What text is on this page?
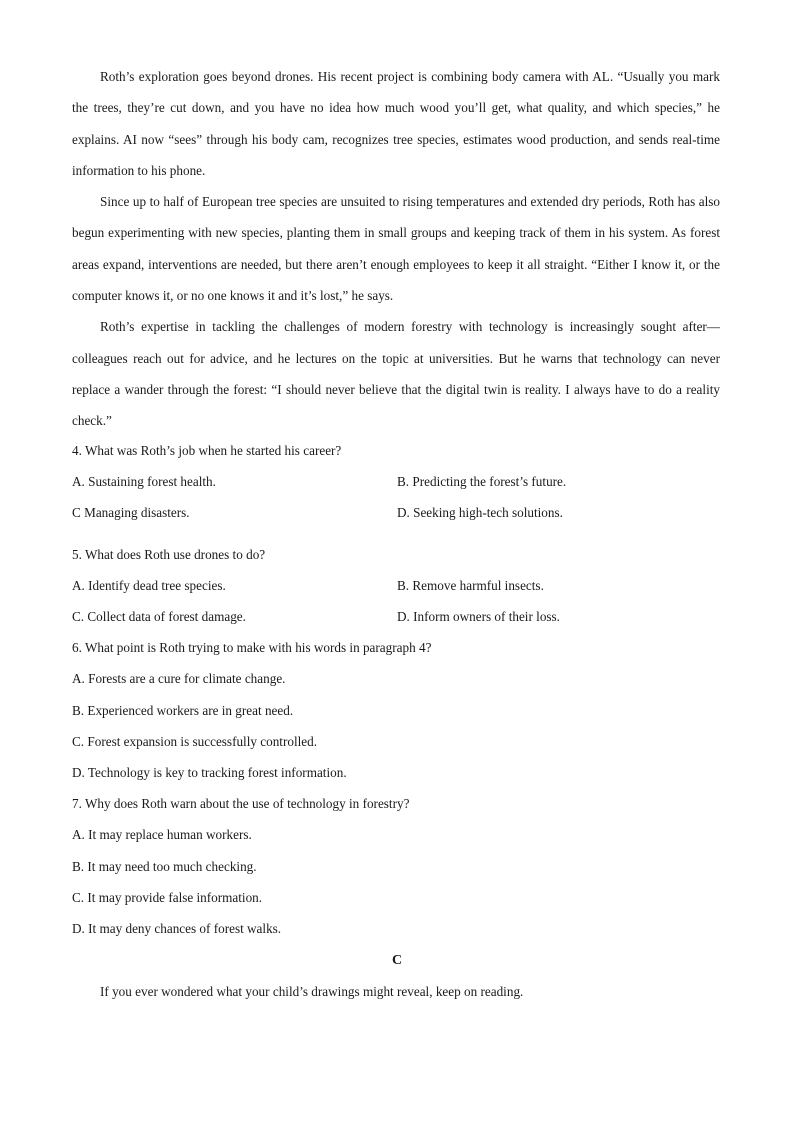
Roth’s exploration goes beyond drones. His recent project is combining body camera with AL. “Usually you mark the trees, they’re cut down, and you have no idea how much wood you’ll get, what quality, and which species,” he explains. AI now “sees” through his body cam, recognizes tree species, estimates wood production, and sends real-time information to his phone.

Since up to half of European tree species are unsuited to rising temperatures and extended dry periods, Roth has also begun experimenting with new species, planting them in small groups and keeping track of them in his system. As forest areas expand, interventions are needed, but there aren’t enough employees to keep it all straight. “Either I know it, or the computer knows it, or no one knows it and it’s lost,” he says.

Roth’s expertise in tackling the challenges of modern forestry with technology is increasingly sought after—colleagues reach out for advice, and he lectures on the topic at universities. But he warns that technology can never replace a wander through the forest: “I should never believe that the digital twin is reality. I always have to do a reality check.”

4. What was Roth’s job when he started his career?
A. Sustaining forest health.	B. Predicting the forest’s future.
C Managing disasters.	D. Seeking high-tech solutions.
5. What does Roth use drones to do?
A. Identify dead tree species.	B. Remove harmful insects.
C. Collect data of forest damage.	D. Inform owners of their loss.
6. What point is Roth trying to make with his words in paragraph 4?
A. Forests are a cure for climate change.
B. Experienced workers are in great need.
C. Forest expansion is successfully controlled.
D. Technology is key to tracking forest information.
7. Why does Roth warn about the use of technology in forestry?
A. It may replace human workers.
B. It may need too much checking.
C. It may provide false information.
D. It may deny chances of forest walks.
C
If you ever wondered what your child’s drawings might reveal, keep on reading.
